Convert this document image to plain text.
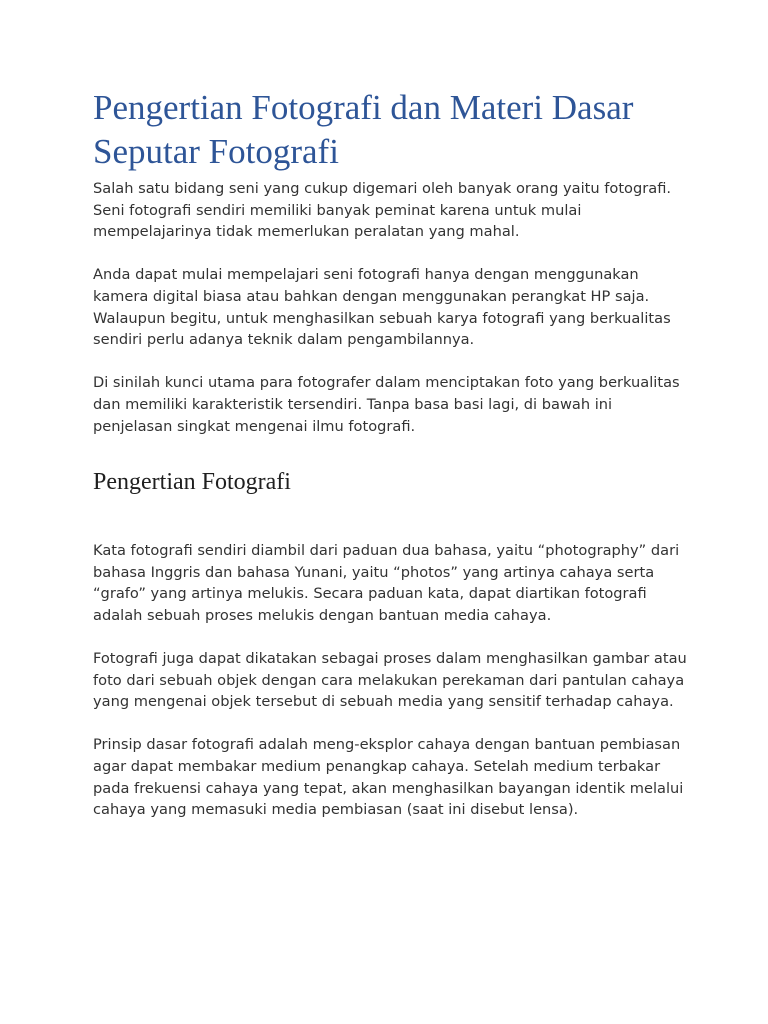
Pengertian Fotografi dan Materi Dasar Seputar Fotografi

Salah satu bidang seni yang cukup digemari oleh banyak orang yaitu fotografi. Seni fotografi sendiri memiliki banyak peminat karena untuk mulai mempelajarinya tidak memerlukan peralatan yang mahal.

Anda dapat mulai mempelajari seni fotografi hanya dengan menggunakan kamera digital biasa atau bahkan dengan menggunakan perangkat HP saja. Walaupun begitu, untuk menghasilkan sebuah karya fotografi yang berkualitas sendiri perlu adanya teknik dalam pengambilannya.

Di sinilah kunci utama para fotografer dalam menciptakan foto yang berkualitas dan memiliki karakteristik tersendiri. Tanpa basa basi lagi, di bawah ini penjelasan singkat mengenai ilmu fotografi.

Pengertian Fotografi

Kata fotografi sendiri diambil dari paduan dua bahasa, yaitu “photography” dari bahasa Inggris dan bahasa Yunani, yaitu “photos” yang artinya cahaya serta “grafo” yang artinya melukis. Secara paduan kata, dapat diartikan fotografi adalah sebuah proses melukis dengan bantuan media cahaya.

Fotografi juga dapat dikatakan sebagai proses dalam menghasilkan gambar atau foto dari sebuah objek dengan cara melakukan perekaman dari pantulan cahaya yang mengenai objek tersebut di sebuah media yang sensitif terhadap cahaya.

Prinsip dasar fotografi adalah meng-eksplor cahaya dengan bantuan pembiasan agar dapat membakar medium penangkap cahaya. Setelah medium terbakar pada frekuensi cahaya yang tepat, akan menghasilkan bayangan identik melalui cahaya yang memasuki media pembiasan (saat ini disebut lensa).
